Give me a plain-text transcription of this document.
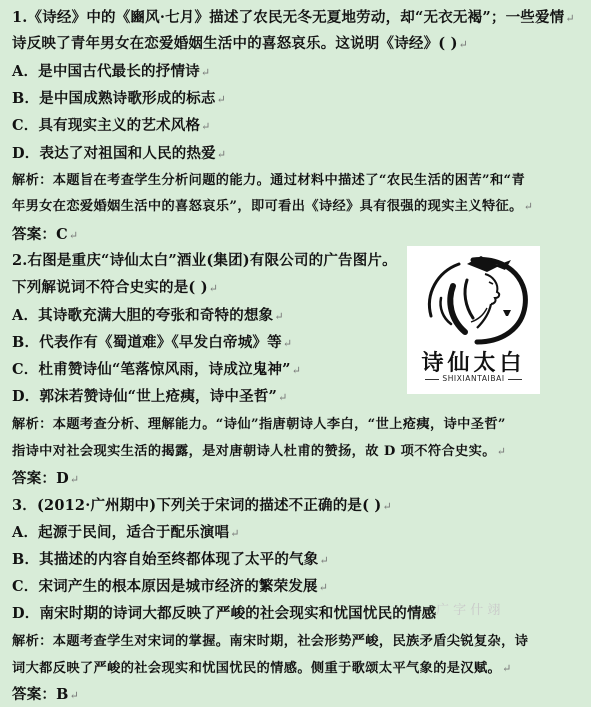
1.《诗经》中的《豳风·七月》描述了农民无冬无夏地劳动，却“无衣无褐”；一些爱情↵
诗反映了青年男女在恋爱婚姻生活中的喜怒哀乐。这说明《诗经》( )↵
A．是中国古代最长的抒情诗↵
B．是中国成熟诗歌形成的标志↵
C．具有现实主义的艺术风格↵
D．表达了对祖国和人民的热爱↵
解析：本题旨在考查学生分析问题的能力。通过材料中描述了“农民生活的困苦”和“青
年男女在恋爱婚姻生活中的喜怒哀乐”，即可看出《诗经》具有很强的现实主义特征。↵
答案：C↵
2.右图是重庆“诗仙太白”酒业(集团)有限公司的广告图片。
下列解说词不符合史实的是( )↵
A．其诗歌充满大胆的夸张和奇特的想象↵
B．代表作有《蜀道难》《早发白帝城》等↵
C．杜甫赞诗仙“笔落惊风雨，诗成泣鬼神”↵
D．郭沫若赞诗仙“世上疮痍，诗中圣哲”↵
解析：本题考查分析、理解能力。“诗仙”指唐朝诗人李白，“世上疮痍，诗中圣哲”
指诗中对社会现实生活的揭露，是对唐朝诗人杜甫的赞扬，故 D 项不符合史实。↵
答案：D↵
诗仙太白
SHIXIANTAIBAI
3．(2012·广州期中)下列关于宋词的描述不正确的是( )↵
A．起源于民间，适合于配乐演唱↵
B．其描述的内容自始至终都体现了太平的气象↵
C．宋词产生的根本原因是城市经济的繁荣发展↵
D．南宋时期的诗词大都反映了严峻的社会现实和忧国忧民的情感 广 字 什 翊
解析：本题考查学生对宋词的掌握。南宋时期，社会形势严峻，民族矛盾尖锐复杂，诗
词大都反映了严峻的社会现实和忧国忧民的情感。侧重于歌颂太平气象的是汉赋。↵
答案：B↵
